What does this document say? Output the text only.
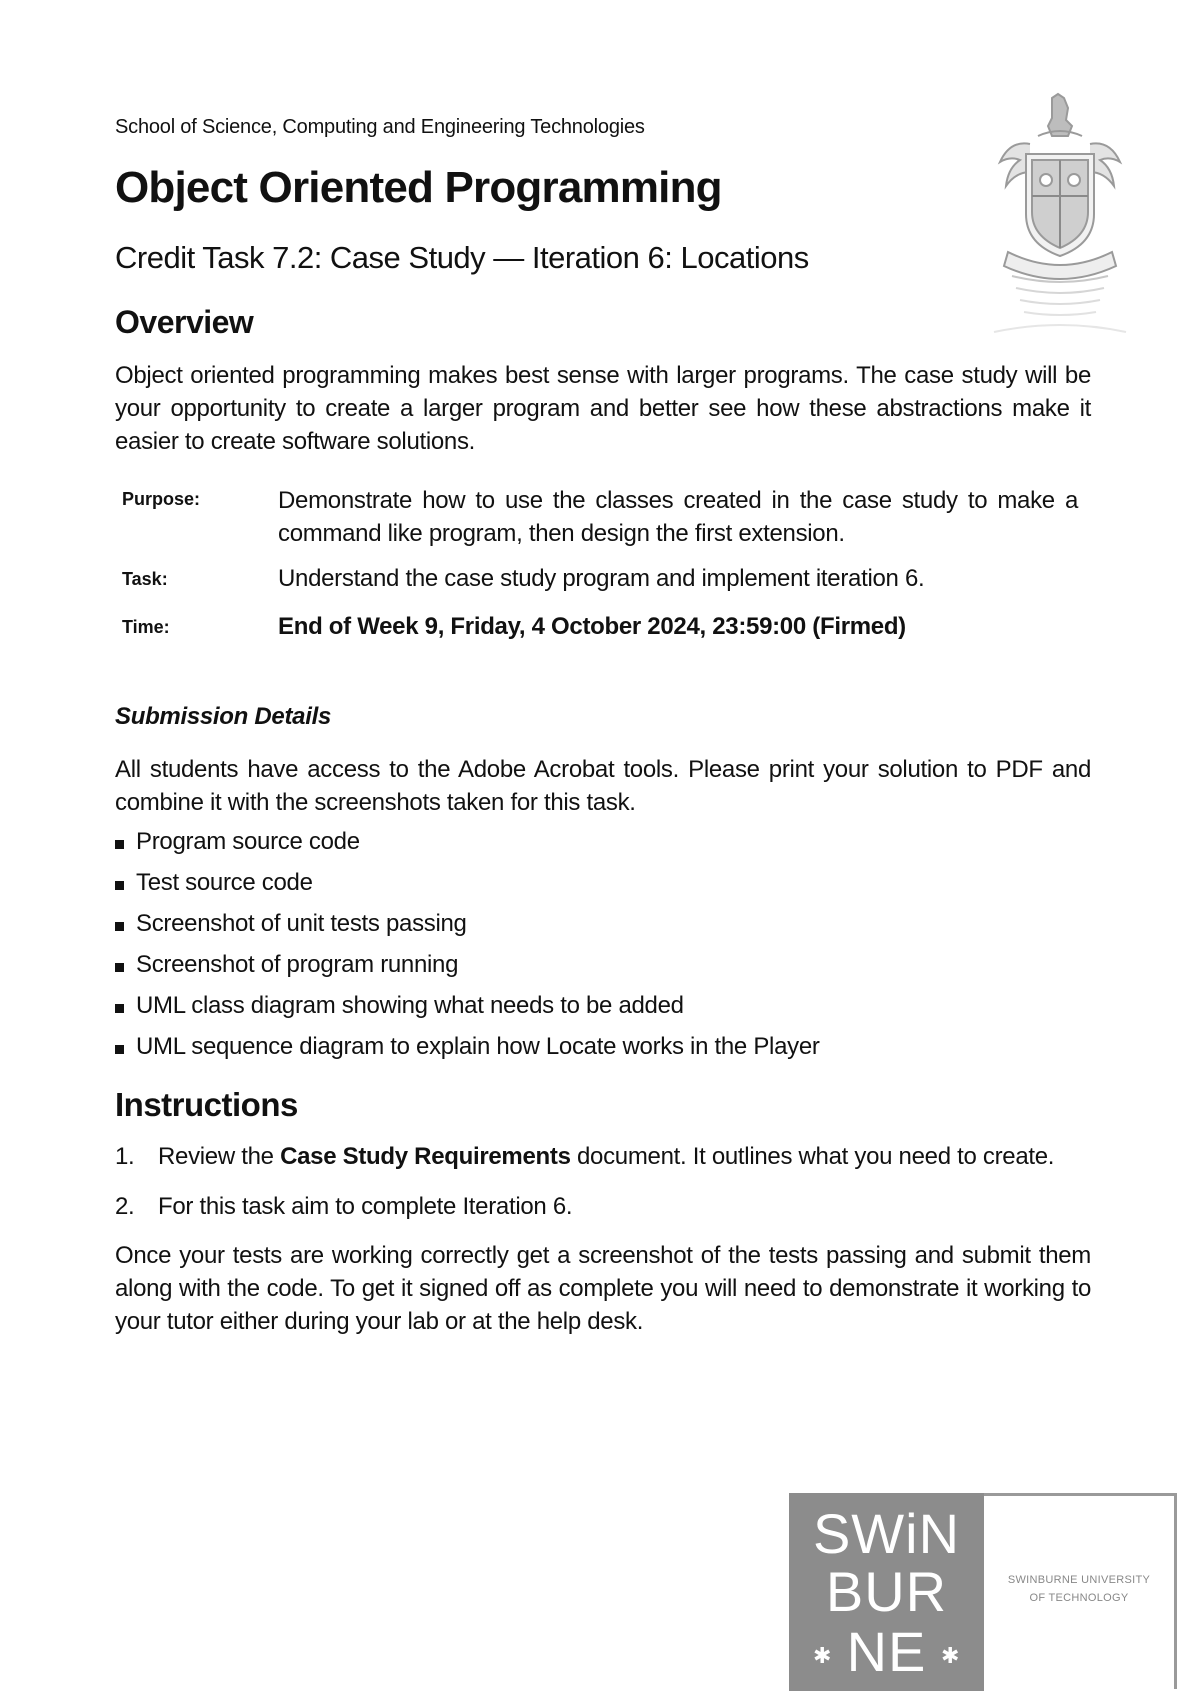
School of Science, Computing and Engineering Technologies
Object Oriented Programming
Credit Task 7.2: Case Study — Iteration 6: Locations
Overview
Object oriented programming makes best sense with larger programs. The case study will be your opportunity to create a larger program and better see how these abstractions make it easier to create software solutions.
Purpose:	Demonstrate how to use the classes created in the case study to make a command like program, then design the first extension.
Task:	Understand the case study program and implement iteration 6.
Time:	End of Week 9, Friday, 4 October 2024, 23:59:00 (Firmed)
Submission Details
All students have access to the Adobe Acrobat tools. Please print your solution to PDF and combine it with the screenshots taken for this task.
Program source code
Test source code
Screenshot of unit tests passing
Screenshot of program running
UML class diagram showing what needs to be added
UML sequence diagram to explain how Locate works in the Player
Instructions
1. Review the Case Study Requirements document. It outlines what you need to create.
2. For this task aim to complete Iteration 6.
Once your tests are working correctly get a screenshot of the tests passing and submit them along with the code. To get it signed off as complete you will need to demonstrate it working to your tutor either during your lab or at the help desk.
SWiN
BUR
NE
✱	✱
SWINBURNE UNIVERSITY
OF TECHNOLOGY
